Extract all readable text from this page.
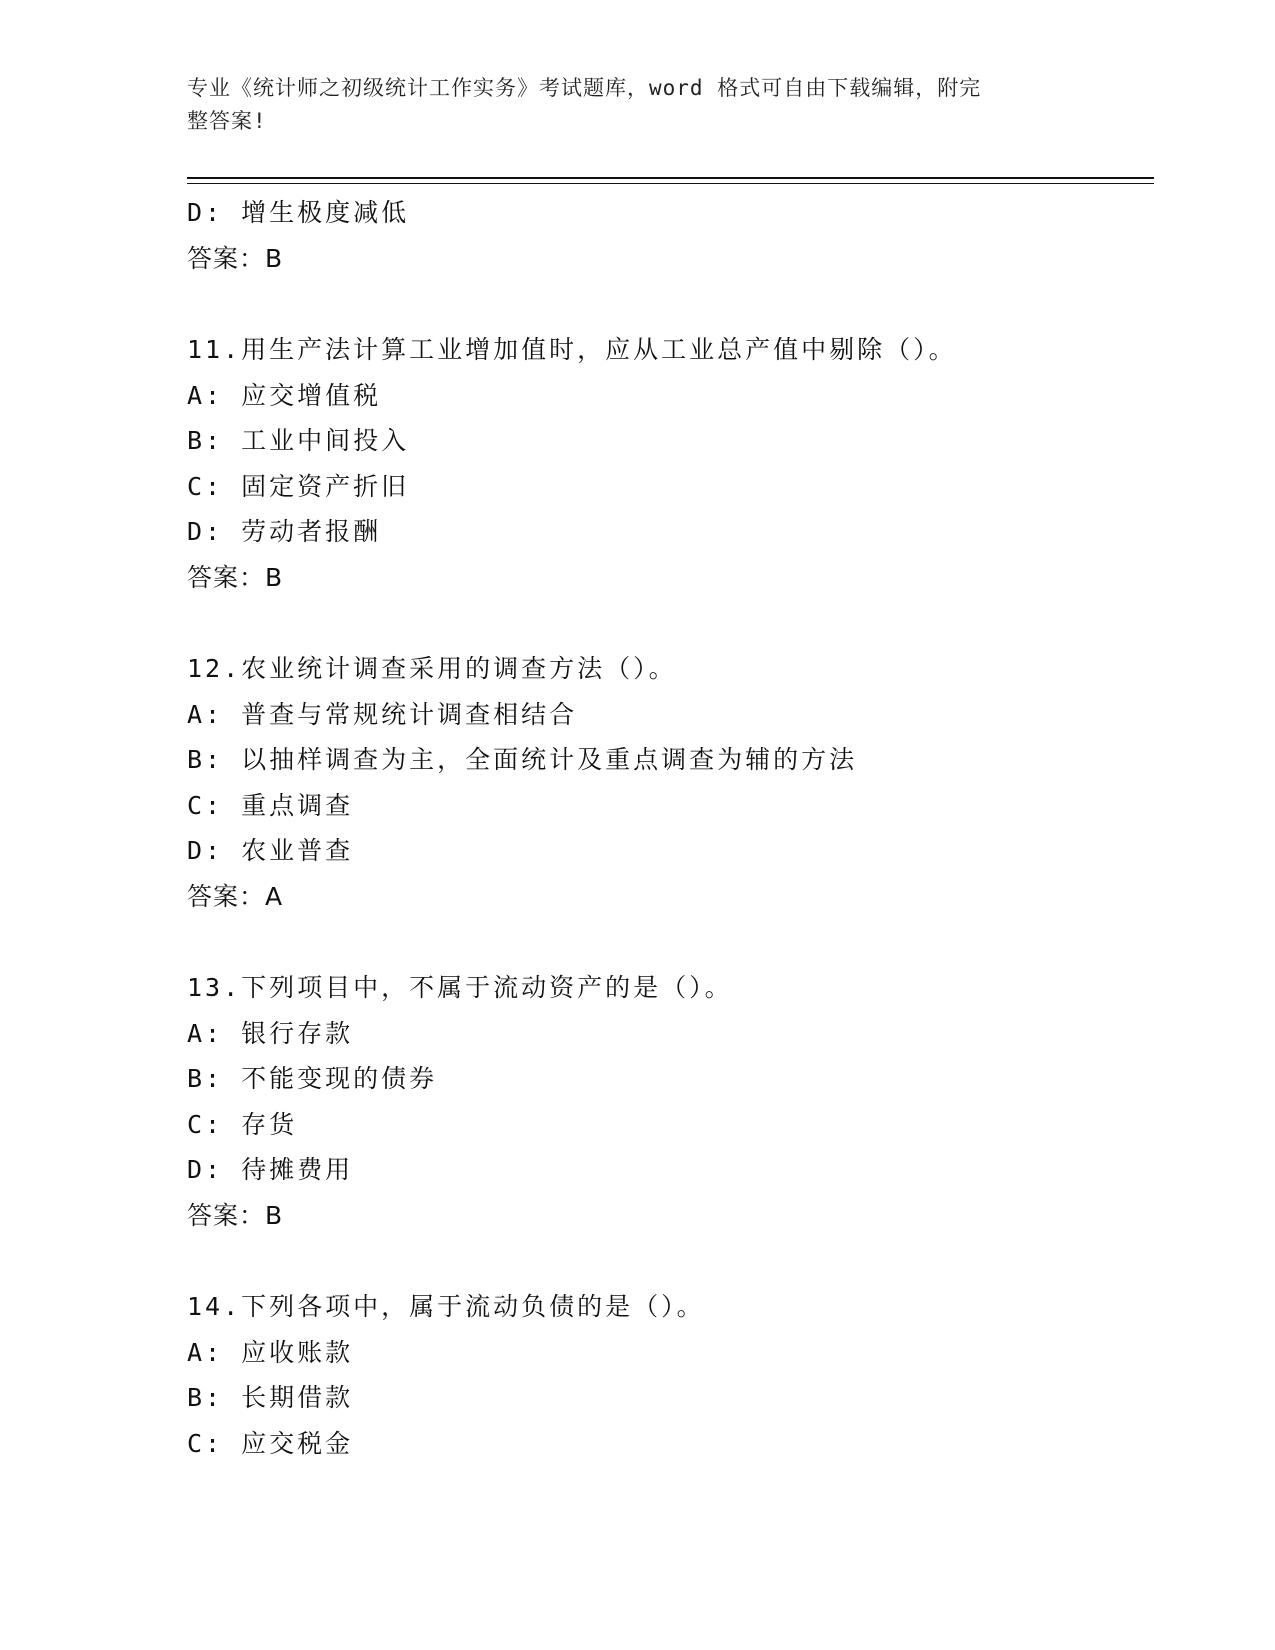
专业《统计师之初级统计工作实务》考试题库，word 格式可自由下载编辑，附完
整答案!
D: 增生极度减低
答案：B
11.用生产法计算工业增加值时，应从工业总产值中剔除（）。
A: 应交增值税
B: 工业中间投入
C: 固定资产折旧
D: 劳动者报酬
答案：B
12.农业统计调查采用的调查方法（）。
A: 普查与常规统计调查相结合
B: 以抽样调查为主，全面统计及重点调查为辅的方法
C: 重点调查
D: 农业普查
答案：A
13.下列项目中，不属于流动资产的是（）。
A: 银行存款
B: 不能变现的债券
C: 存货
D: 待摊费用
答案：B
14.下列各项中，属于流动负债的是（）。
A: 应收账款
B: 长期借款
C: 应交税金
